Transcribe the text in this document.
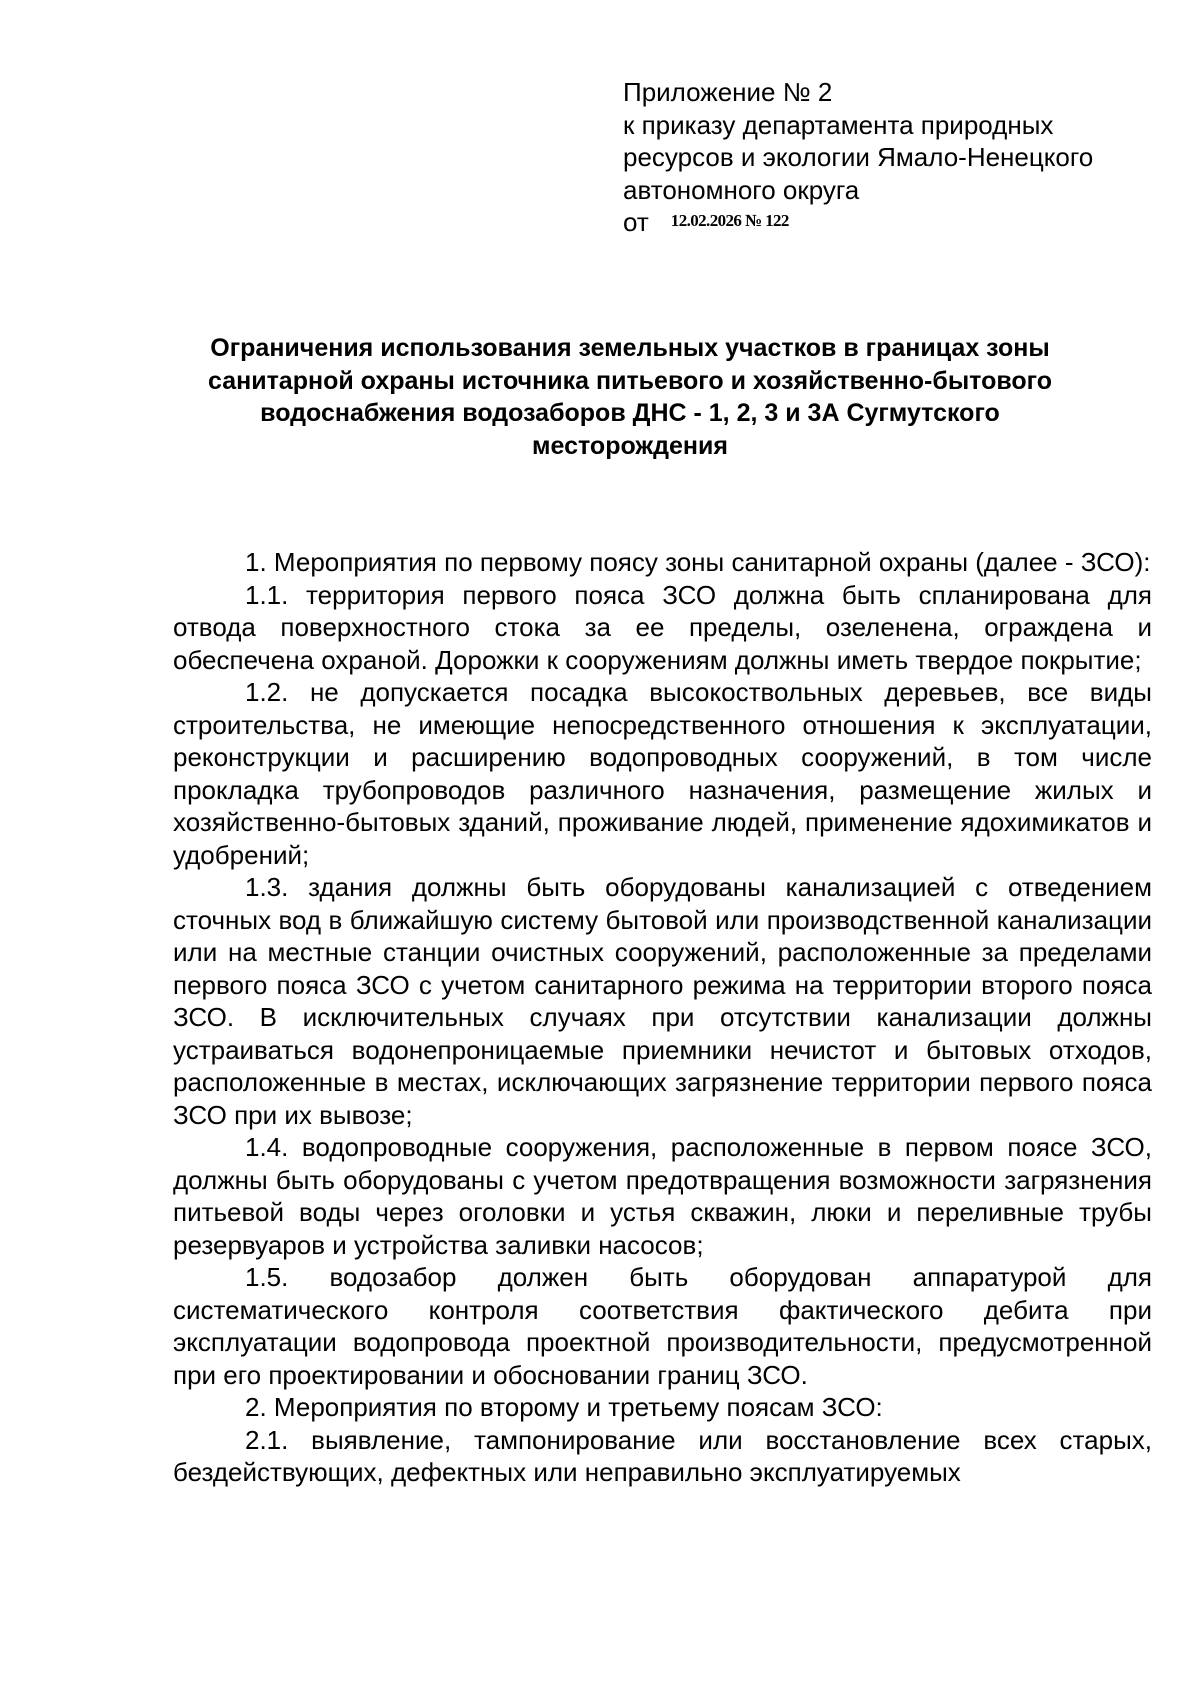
Приложение № 2
к приказу департамента природных
ресурсов и экологии Ямало-Ненецкого
автономного округа
от 12.02.2026 № 122
Ограничения использования земельных участков в границах зоны
санитарной охраны источника питьевого и хозяйственно-бытового
водоснабжения водозаборов ДНС - 1, 2, 3 и 3А Сугмутского
месторождения

1. Мероприятия по первому поясу зоны санитарной охраны (далее - ЗСО):

1.1. территория первого пояса ЗСО должна быть спланирована для отвода поверхностного стока за ее пределы, озеленена, ограждена и обеспечена охраной. Дорожки к сооружениям должны иметь твердое покрытие;

1.2. не допускается посадка высокоствольных деревьев, все виды строительства, не имеющие непосредственного отношения к эксплуатации, реконструкции и расширению водопроводных сооружений, в том числе прокладка трубопроводов различного назначения, размещение жилых и хозяйственно-бытовых зданий, проживание людей, применение ядохимикатов и удобрений;

1.3. здания должны быть оборудованы канализацией с отведением сточных вод в ближайшую систему бытовой или производственной канализации или на местные станции очистных сооружений, расположенные за пределами первого пояса ЗСО с учетом санитарного режима на территории второго пояса ЗСО. В исключительных случаях при отсутствии канализации должны устраиваться водонепроницаемые приемники нечистот и бытовых отходов, расположенные в местах, исключающих загрязнение территории первого пояса ЗСО при их вывозе;

1.4. водопроводные сооружения, расположенные в первом поясе ЗСО, должны быть оборудованы с учетом предотвращения возможности загрязнения питьевой воды через оголовки и устья скважин, люки и переливные трубы резервуаров и устройства заливки насосов;

1.5. водозабор должен быть оборудован аппаратурой для систематического контроля соответствия фактического дебита при эксплуатации водопровода проектной производительности, предусмотренной при его проектировании и обосновании границ ЗСО.

2. Мероприятия по второму и третьему поясам ЗСО:

2.1. выявление, тампонирование или восстановление всех старых, бездействующих, дефектных или неправильно эксплуатируемых
